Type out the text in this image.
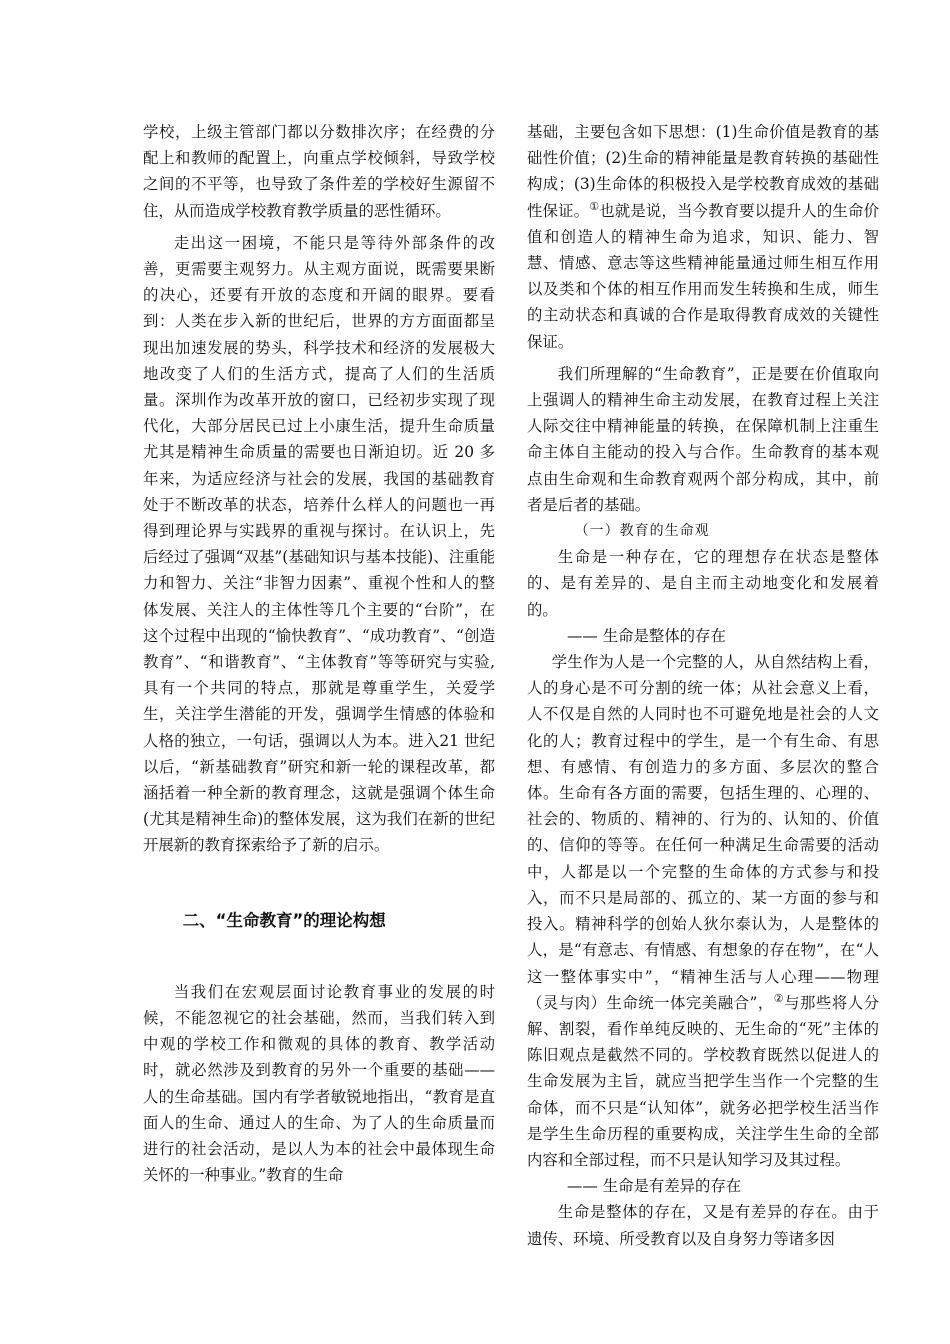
学校，上级主管部门都以分数排次序；在经费的分配上和教师的配置上，向重点学校倾斜，导致学校之间的不平等，也导致了条件差的学校好生源留不住，从而造成学校教育教学质量的恶性循环。

走出这一困境，不能只是等待外部条件的改善，更需要主观努力。从主观方面说，既需要果断的决心，还要有开放的态度和开阔的眼界。要看到：人类在步入新的世纪后，世界的方方面面都呈现出加速发展的势头，科学技术和经济的发展极大地改变了人们的生活方式，提高了人们的生活质量。深圳作为改革开放的窗口，已经初步实现了现代化，大部分居民已过上小康生活，提升生命质量尤其是精神生命质量的需要也日渐迫切。近 20 多年来，为适应经济与社会的发展，我国的基础教育处于不断改革的状态，培养什么样人的问题也一再得到理论界与实践界的重视与探讨。在认识上，先后经过了强调“双基”(基础知识与基本技能)、注重能力和智力、关注“非智力因素”、重视个性和人的整体发展、关注人的主体性等几个主要的“台阶”，在这个过程中出现的“愉快教育”、“成功教育”、“创造教育”、“和谐教育”、“主体教育”等等研究与实验,具有一个共同的特点，那就是尊重学生，关爱学生，关注学生潜能的开发，强调学生情感的体验和人格的独立，一句话，强调以人为本。进入21 世纪以后，“新基础教育”研究和新一轮的课程改革，都涵括着一种全新的教育理念，这就是强调个体生命(尤其是精神生命)的整体发展，这为我们在新的世纪开展新的教育探索给予了新的启示。

二、“生命教育”的理论构想

当我们在宏观层面讨论教育事业的发展的时候，不能忽视它的社会基础，然而，当我们转入到中观的学校工作和微观的具体的教育、教学活动时，就必然涉及到教育的另外一个重要的基础——人的生命基础。国内有学者敏锐地指出，“教育是直面人的生命、通过人的生命、为了人的生命质量而进行的社会活动，是以人为本的社会中最体现生命关怀的一种事业。”教育的生命

基础，主要包含如下思想：(1)生命价值是教育的基础性价值；(2)生命的精神能量是教育转换的基础性构成；(3)生命体的积极投入是学校教育成效的基础性保证。①也就是说，当今教育要以提升人的生命价值和创造人的精神生命为追求，知识、能力、智慧、情感、意志等这些精神能量通过师生相互作用以及类和个体的相互作用而发生转换和生成，师生的主动状态和真诚的合作是取得教育成效的关键性保证。

我们所理解的“生命教育”，正是要在价值取向上强调人的精神生命主动发展，在教育过程上关注人际交往中精神能量的转换，在保障机制上注重生命主体自主能动的投入与合作。生命教育的基本观点由生命观和生命教育观两个部分构成，其中，前者是后者的基础。

（一）教育的生命观

生命是一种存在，它的理想存在状态是整体的、是有差异的、是自主而主动地变化和发展着的。

—— 生命是整体的存在

学生作为人是一个完整的人，从自然结构上看，人的身心是不可分割的统一体；从社会意义上看，人不仅是自然的人同时也不可避免地是社会的人文化的人；教育过程中的学生，是一个有生命、有思想、有感情、有创造力的多方面、多层次的整合体。生命有各方面的需要，包括生理的、心理的、社会的、物质的、精神的、行为的、认知的、价值的、信仰的等等。在任何一种满足生命需要的活动中，人都是以一个完整的生命体的方式参与和投入，而不只是局部的、孤立的、某一方面的参与和投入。精神科学的创始人狄尔泰认为，人是整体的人，是“有意志、有情感、有想象的存在物”，在“人这一整体事实中”，“精神生活与人心理——物理（灵与肉）生命统一体完美融合”，②与那些将人分解、割裂，看作单纯反映的、无生命的“死”主体的陈旧观点是截然不同的。学校教育既然以促进人的生命发展为主旨，就应当把学生当作一个完整的生命体，而不只是“认知体”，就务必把学校生活当作是学生生命历程的重要构成，关注学生生命的全部内容和全部过程，而不只是认知学习及其过程。

—— 生命是有差异的存在

生命是整体的存在，又是有差异的存在。由于遗传、环境、所受教育以及自身努力等诸多因
